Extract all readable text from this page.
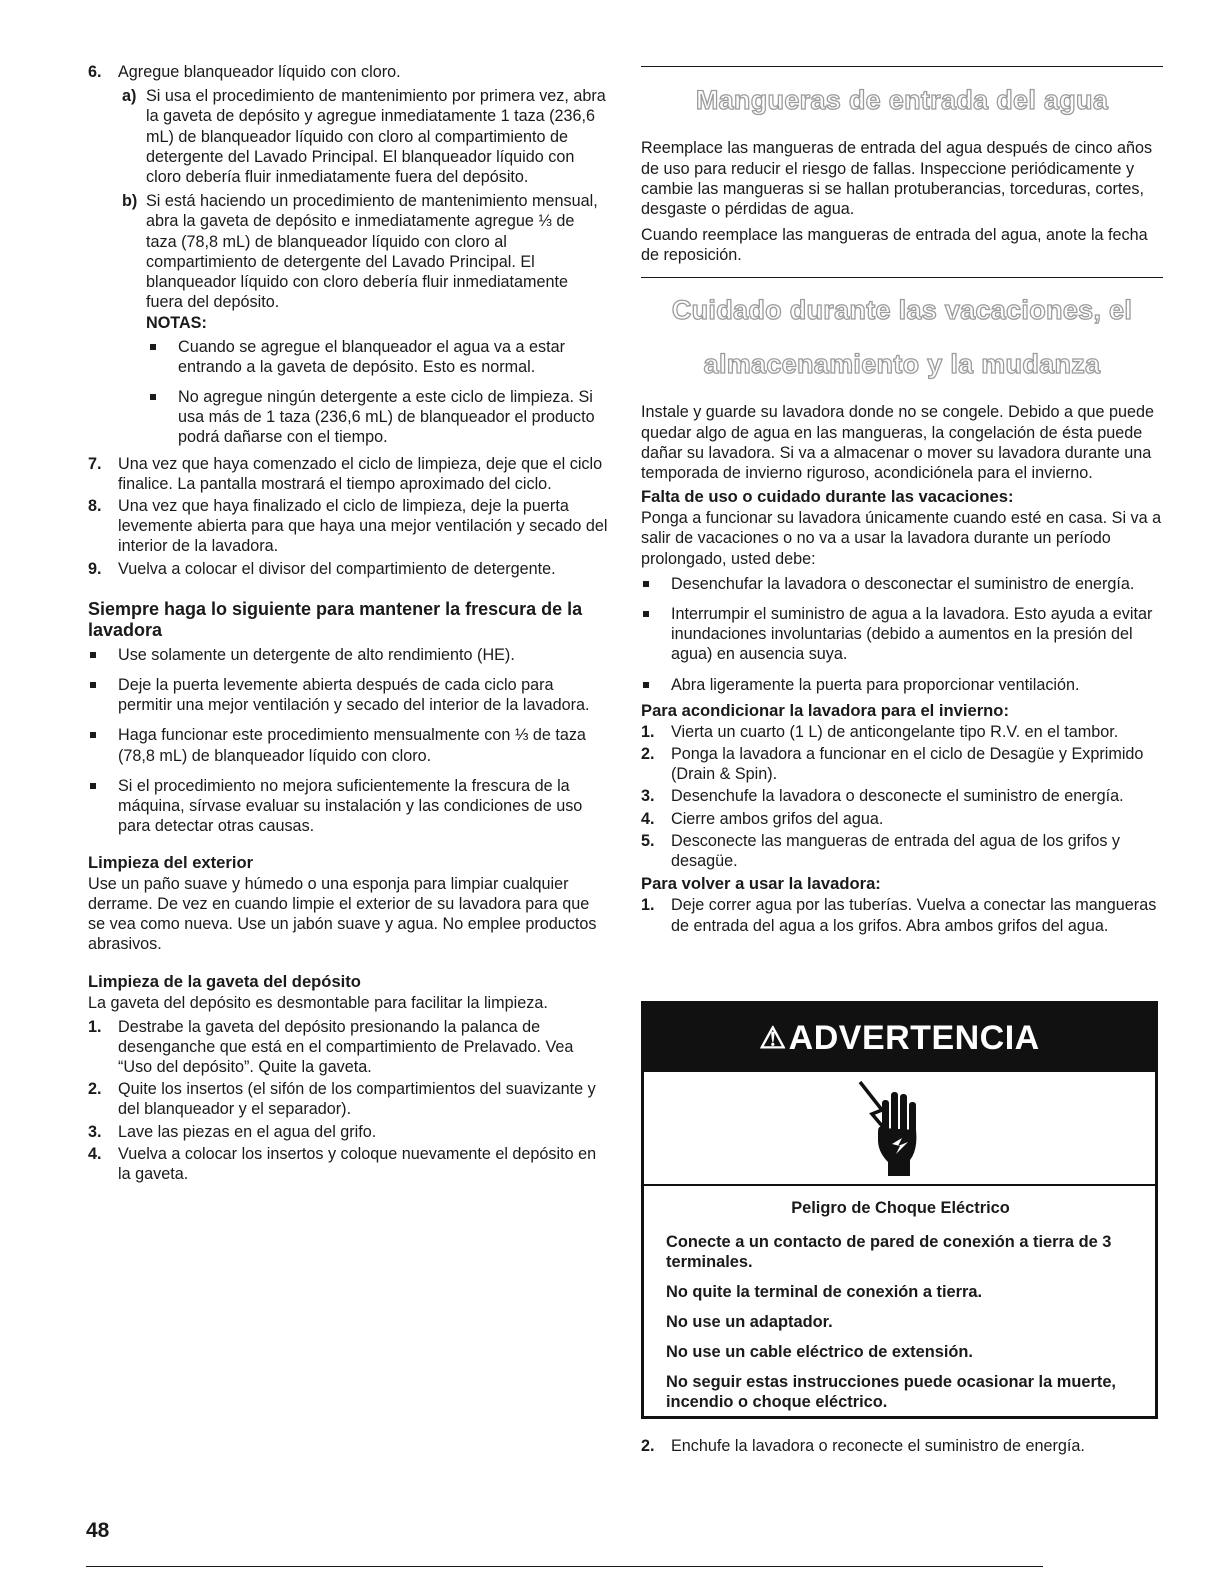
6. Agregue blanqueador líquido con cloro.

a) Si usa el procedimiento de mantenimiento por primera vez, abra la gaveta de depósito y agregue inmediatamente 1 taza (236,6 mL) de blanqueador líquido con cloro al compartimiento de detergente del Lavado Principal. El blanqueador líquido con cloro debería fluir inmediatamente fuera del depósito.

b) Si está haciendo un procedimiento de mantenimiento mensual, abra la gaveta de depósito e inmediatamente agregue ⅓ de taza (78,8 mL) de blanqueador líquido con cloro al compartimiento de detergente del Lavado Principal. El blanqueador líquido con cloro debería fluir inmediatamente fuera del depósito.

NOTAS:

Cuando se agregue el blanqueador el agua va a estar entrando a la gaveta de depósito. Esto es normal.

No agregue ningún detergente a este ciclo de limpieza. Si usa más de 1 taza (236,6 mL) de blanqueador el producto podrá dañarse con el tiempo.

7. Una vez que haya comenzado el ciclo de limpieza, deje que el ciclo finalice. La pantalla mostrará el tiempo aproximado del ciclo.

8. Una vez que haya finalizado el ciclo de limpieza, deje la puerta levemente abierta para que haya una mejor ventilación y secado del interior de la lavadora.

9. Vuelva a colocar el divisor del compartimiento de detergente.

Siempre haga lo siguiente para mantener la frescura de la lavadora

Use solamente un detergente de alto rendimiento (HE).

Deje la puerta levemente abierta después de cada ciclo para permitir una mejor ventilación y secado del interior de la lavadora.

Haga funcionar este procedimiento mensualmente con ⅓ de taza (78,8 mL) de blanqueador líquido con cloro.

Si el procedimiento no mejora suficientemente la frescura de la máquina, sírvase evaluar su instalación y las condiciones de uso para detectar otras causas.

Limpieza del exterior

Use un paño suave y húmedo o una esponja para limpiar cualquier derrame. De vez en cuando limpie el exterior de su lavadora para que se vea como nueva. Use un jabón suave y agua. No emplee productos abrasivos.

Limpieza de la gaveta del depósito

La gaveta del depósito es desmontable para facilitar la limpieza.

1. Destrabe la gaveta del depósito presionando la palanca de desenganche que está en el compartimiento de Prelavado. Vea “Uso del depósito”. Quite la gaveta.

2. Quite los insertos (el sifón de los compartimientos del suavizante y del blanqueador y el separador).

3. Lave las piezas en el agua del grifo.

4. Vuelva a colocar los insertos y coloque nuevamente el depósito en la gaveta.

Mangueras de entrada del agua

Reemplace las mangueras de entrada del agua después de cinco años de uso para reducir el riesgo de fallas. Inspeccione periódicamente y cambie las mangueras si se hallan protuberancias, torceduras, cortes, desgaste o pérdidas de agua.

Cuando reemplace las mangueras de entrada del agua, anote la fecha de reposición.

Cuidado durante las vacaciones, el
almacenamiento y la mudanza

Instale y guarde su lavadora donde no se congele. Debido a que puede quedar algo de agua en las mangueras, la congelación de ésta puede dañar su lavadora. Si va a almacenar o mover su lavadora durante una temporada de invierno riguroso, acondiciónela para el invierno.

Falta de uso o cuidado durante las vacaciones:

Ponga a funcionar su lavadora únicamente cuando esté en casa. Si va a salir de vacaciones o no va a usar la lavadora durante un período prolongado, usted debe:

Desenchufar la lavadora o desconectar el suministro de energía.

Interrumpir el suministro de agua a la lavadora. Esto ayuda a evitar inundaciones involuntarias (debido a aumentos en la presión del agua) en ausencia suya.

Abra ligeramente la puerta para proporcionar ventilación.

Para acondicionar la lavadora para el invierno:
1. Vierta un cuarto (1 L) de anticongelante tipo R.V. en el tambor.

2. Ponga la lavadora a funcionar en el ciclo de Desagüe y Exprimido (Drain & Spin).

3. Desenchufe la lavadora o desconecte el suministro de energía.

4. Cierre ambos grifos del agua.

5. Desconecte las mangueras de entrada del agua de los grifos y desagüe.

Para volver a usar la lavadora:
1. Deje correr agua por las tuberías. Vuelva a conectar las mangueras de entrada del agua a los grifos. Abra ambos grifos del agua.

⚠ ADVERTENCIA

Peligro de Choque Eléctrico

Conecte a un contacto de pared de conexión a tierra de 3 terminales.

No quite la terminal de conexión a tierra.

No use un adaptador.

No use un cable eléctrico de extensión.

No seguir estas instrucciones puede ocasionar la muerte, incendio o choque eléctrico.

2. Enchufe la lavadora o reconecte el suministro de energía.

48
